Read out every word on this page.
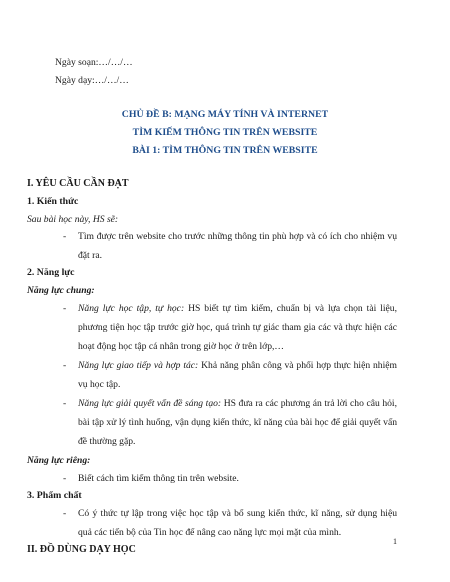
Ngày soạn:…/…/…
Ngày dạy:…/…/…
CHỦ ĐỀ B: MẠNG MÁY TÍNH VÀ INTERNET
TÌM KIẾM THÔNG TIN TRÊN WEBSITE
BÀI 1: TÌM THÔNG TIN TRÊN WEBSITE
I. YÊU CẦU CẦN ĐẠT
1. Kiến thức
Sau bài học này, HS sẽ:
- Tìm được trên website cho trước những thông tin phù hợp và có ích cho nhiệm vụ đặt ra.
2. Năng lực
Năng lực chung:
- Năng lực học tập, tự học: HS biết tự tìm kiếm, chuẩn bị và lựa chọn tài liệu, phương tiện học tập trước giờ học, quá trình tự giác tham gia các và thực hiện các hoạt động học tập cá nhân trong giờ học ở trên lớp,…
- Năng lực giao tiếp và hợp tác: Khả năng phân công và phối hợp thực hiện nhiệm vụ học tập.
- Năng lực giải quyết vấn đề sáng tạo: HS đưa ra các phương án trả lời cho câu hỏi, bài tập xử lý tình huống, vận dụng kiến thức, kĩ năng của bài học để giải quyết vấn đề thường gặp.
Năng lực riêng:
- Biết cách tìm kiếm thông tin trên website.
3. Phẩm chất
- Có ý thức tự lập trong việc học tập và bổ sung kiến thức, kĩ năng, sử dụng hiệu quả các tiến bộ của Tin học để nâng cao năng lực mọi mặt của mình.
II. ĐỒ DÙNG DẠY HỌC
1
